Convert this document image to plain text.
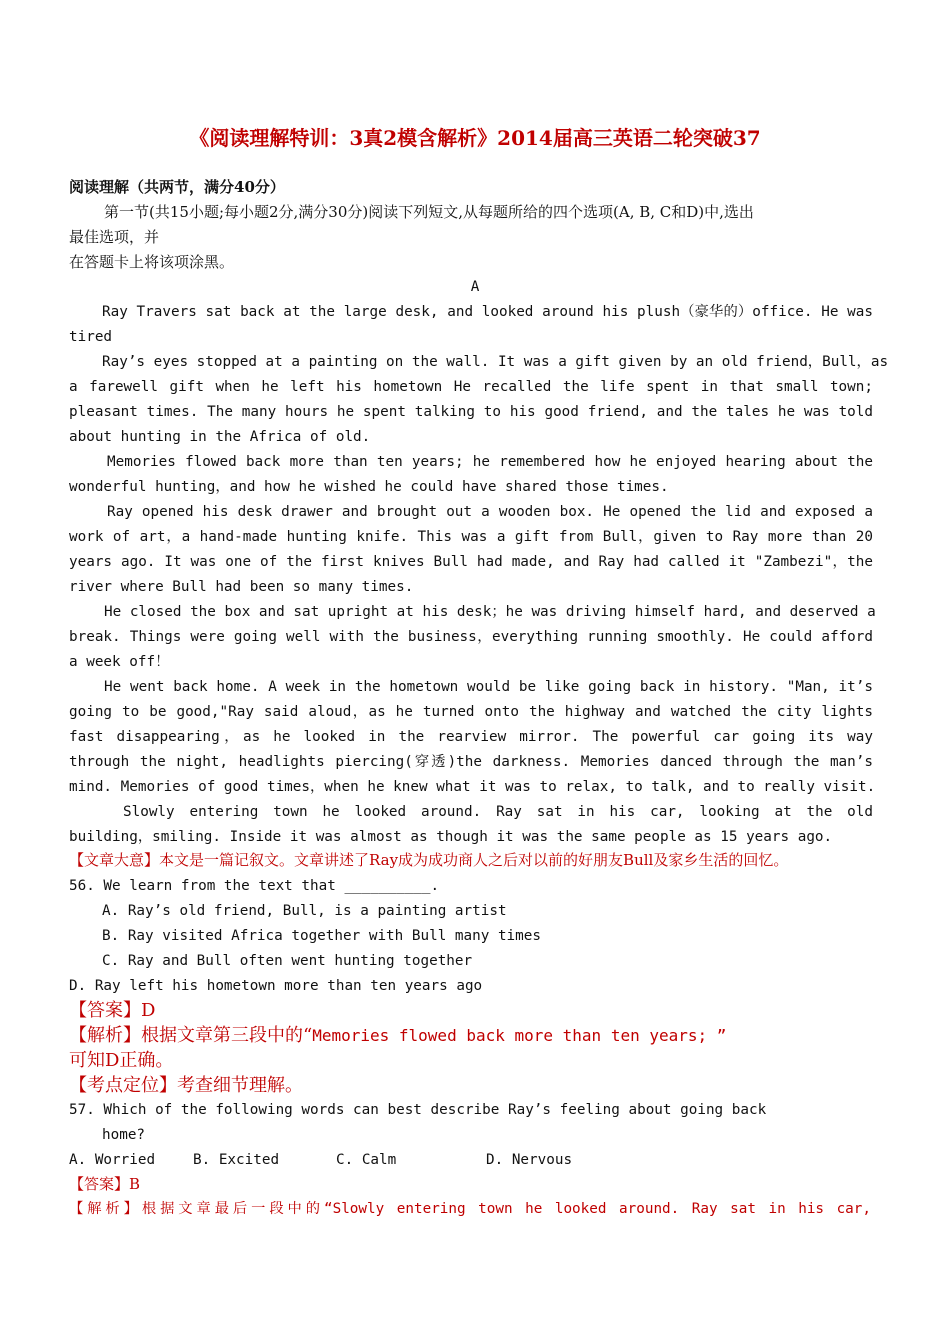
《阅读理解特训：3真2模含解析》2014届高三英语二轮突破37
阅读理解（共两节，满分40分）
第一节(共15小题;每小题2分,满分30分)阅读下列短文,从每题所给的四个选项(A, B, C和D)中,选出
最佳选项，并
在答题卡上将该项涂黑。
A
Ray Travers sat back at the large desk, and looked around his plush（豪华的）office. He was
tired
Ray’s eyes stopped at a painting on the wall. It was a gift given by an old friend，Bull，as
a farewell gift when he left his hometown He recalled the life spent in that small town;
pleasant times. The many hours he spent talking to his good friend, and the tales he was told
about hunting in the Africa of old.
Memories flowed back more than ten years; he remembered how he enjoyed hearing about the
wonderful hunting，and how he wished he could have shared those times.
Ray opened his desk drawer and brought out a wooden box. He opened the lid and exposed a
work of art，a hand-made hunting knife. This was a gift from Bull，given to Ray more than 20
years ago. It was one of the first knives Bull had made, and Ray had called it "Zambezi"，the
river where Bull had been so many times.
He closed the box and sat upright at his desk；he was driving himself hard, and deserved a
break. Things were going well with the business，everything running smoothly. He could afford
a week off！
He went back home. A week in the hometown would be like going back in history. "Man, it’s
going to be good,"Ray said aloud，as he turned onto the highway and watched the city lights
fast disappearing，as he looked in the rearview mirror. The powerful car going its way
through the night, headlights piercing(穿透)the darkness. Memories danced through the man’s
mind. Memories of good times，when he knew what it was to relax, to talk, and to really visit.
Slowly entering town he looked around. Ray sat in his car, looking at the old
building，smiling. Inside it was almost as though it was the same people as 15 years ago.
【文章大意】本文是一篇记叙文。文章讲述了Ray成为成功商人之后对以前的好朋友Bull及家乡生活的回忆。
56. We learn from the text that __________.
A. Ray’s old friend, Bull, is a painting artist
B. Ray visited Africa together with Bull many times
C. Ray and Bull often went hunting together
D. Ray left his hometown more than ten years ago
【答案】D
【解析】根据文章第三段中的“Memories flowed back more than ten years; ”
可知D正确。
【考点定位】考查细节理解。
57. Which of the following words can best describe Ray’s feeling about going back
home?
A. Worried	B. Excited	C. Calm	D. Nervous
【答案】B
【解析】根据文章最后一段中的“Slowly entering town he looked around. Ray sat in his car,
